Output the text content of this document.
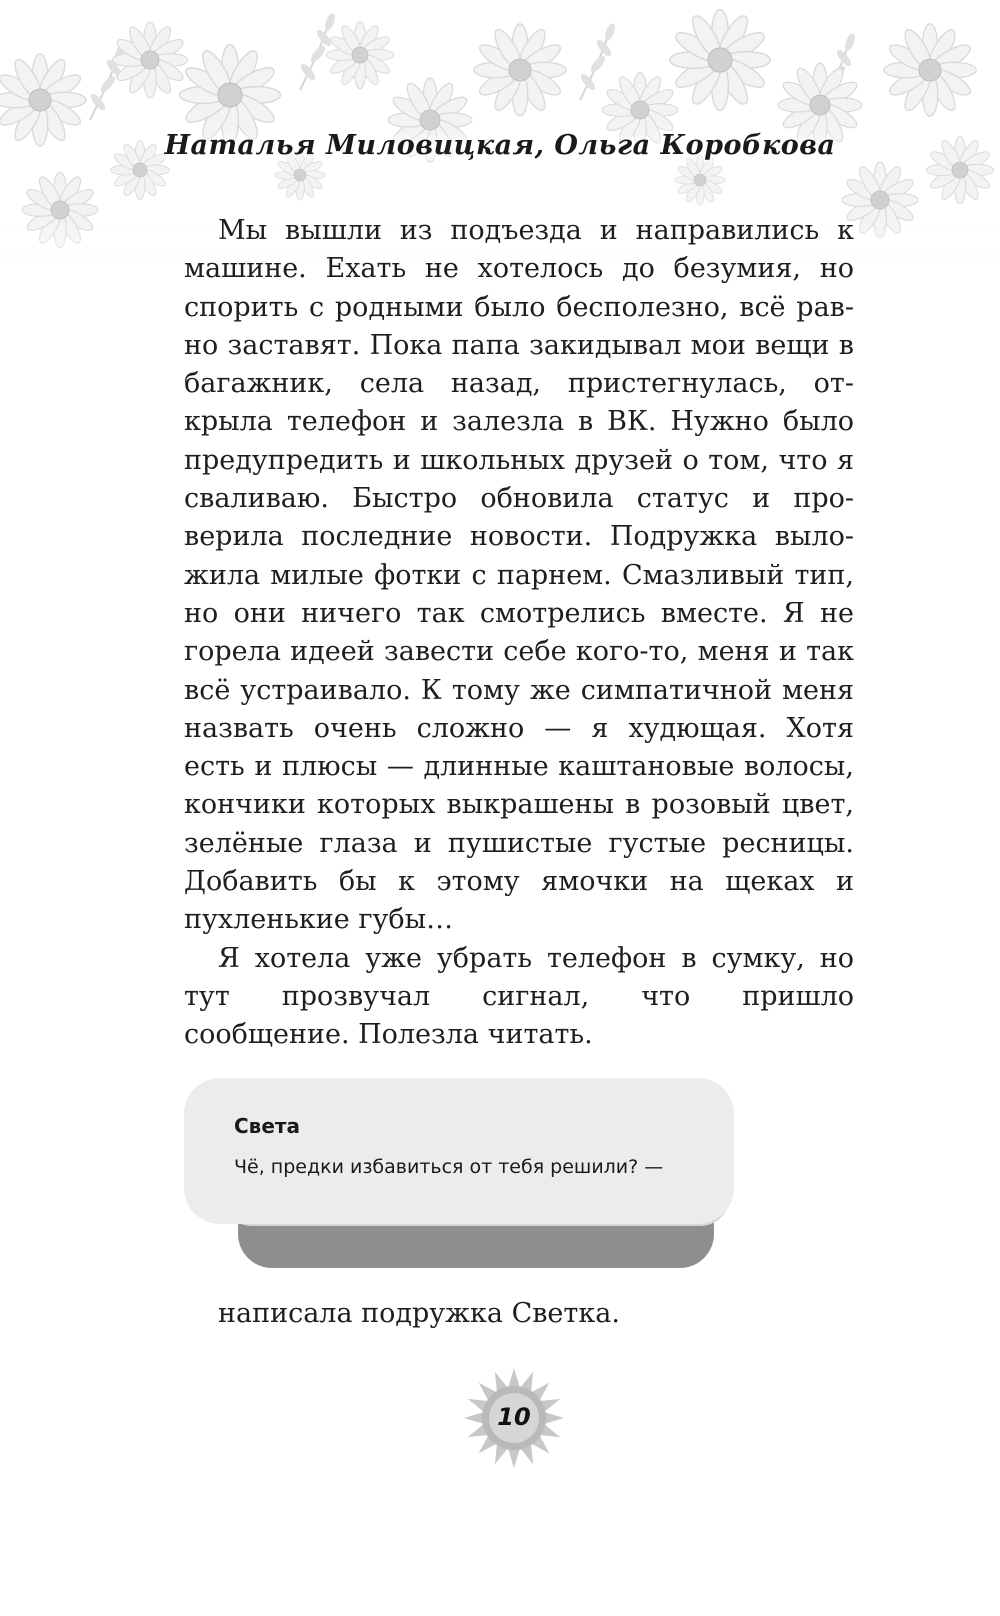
Наталья Миловицкая, Ольга Коробкова

Мы вышли из подъезда и направились к машине. Ехать не хотелось до безумия, но спорить с родными было бесполезно, всё равно заставят. Пока папа закидывал мои вещи в багажник, села назад, пристегнулась, открыла телефон и залезла в ВК. Нужно было предупредить и школьных друзей о том, что я сваливаю. Быстро обновила статус и проверила последние новости. Подружка выложила милые фотки с парнем. Смазливый тип, но они ничего так смотрелись вместе. Я не горела идеей завести себе кого-то, меня и так всё устраивало. К тому же симпатичной меня назвать очень сложно — я худющая. Хотя есть и плюсы — длинные каштановые волосы, кончики которых выкрашены в розовый цвет, зелёные глаза и пушистые густые ресницы. Добавить бы к этому ямочки на щеках и пухленькие губы…

Я хотела уже убрать телефон в сумку, но тут прозвучал сигнал, что пришло сообщение. Полезла читать.

Света
Чё, предки избавиться от тебя решили? —
написала подружка Светка.
10
